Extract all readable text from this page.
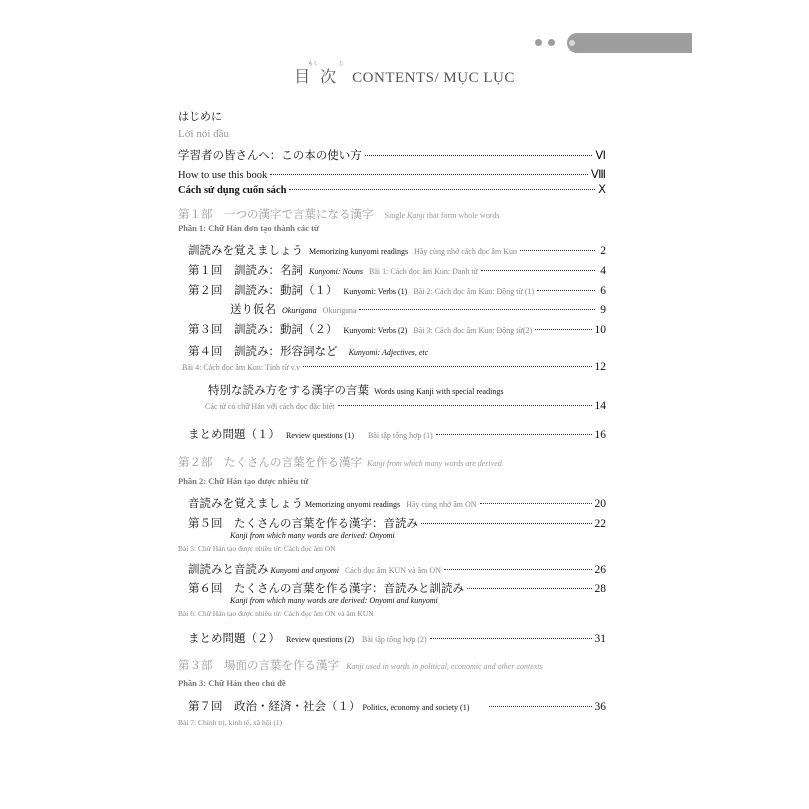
もく	じ
目次 CONTENTS/ MỤC LỤC
はじめに
Lời nói đầu
学習者の皆さんへ：この本の使い方	Ⅵ
How to use this book	Ⅷ
Cách sử dụng cuốn sách	Ⅹ
第１部　一つの漢字で言葉になる漢字 Single Kanji that form whole words
Phần 1: Chữ Hán đơn tạo thành các từ
訓読みを覚えましょう Memorizing kunyomi readings Hãy cùng nhớ cách đọc âm Kun	2
第１回　訓読み：名詞 Kunyomi: Nouns Bài 1: Cách đọc âm Kun: Danh từ	4
第２回　訓読み：動詞（１） Kunyomi: Verbs (1) Bài 2: Cách đọc âm Kun: Động từ (1)	6
送り仮名 Okurigana Okurigana	9
第３回　訓読み：動詞（２） Kunyomi: Verbs (2) Bài 3: Cách đọc âm Kun: Động từ(2)	10
第４回　訓読み：形容詞など Kunyomi: Adjectives, etc
Bài 4: Cách đọc âm Kun: Tính từ v.v	12
特別な読み方をする漢字の言葉 Words using Kanji with special readings
Các từ có chữ Hán với cách đọc đặc biệt	14
まとめ問題（１） Review questions (1) Bài tập tổng hợp (1)	16
第２部　たくさんの言葉を作る漢字 Kanji from which many words are derived
Phần 2: Chữ Hán tạo được nhiều từ
音読みを覚えましょう Memorizing onyomi readings Hãy cùng nhớ âm ON	20
第５回　たくさんの言葉を作る漢字：音読み	22
Kanji from which many words are derived: Onyomi
Bài 5: Chữ Hán tạo được nhiều từ: Cách đọc âm ON
訓読みと音読み Kunyomi and onyomi Cách đọc âm KUN và âm ON	26
第６回　たくさんの言葉を作る漢字：音読みと訓読み	28
Kanji from which many words are derived: Onyomi and kunyomi
Bài 6: Chữ Hán tạo được nhiều từ: Cách đọc âm ON và âm KUN
まとめ問題（２） Review questions (2) Bài tập tổng hợp (2)	31
第３部　場面の言葉を作る漢字 Kanji used in words in political, economic and other contexts
Phần 3: Chữ Hán theo chủ đề
第７回　政治・経済・社会（１） Politics, economy and society (1)	36
Bài 7: Chính trị, kinh tế, xã hội (1)
